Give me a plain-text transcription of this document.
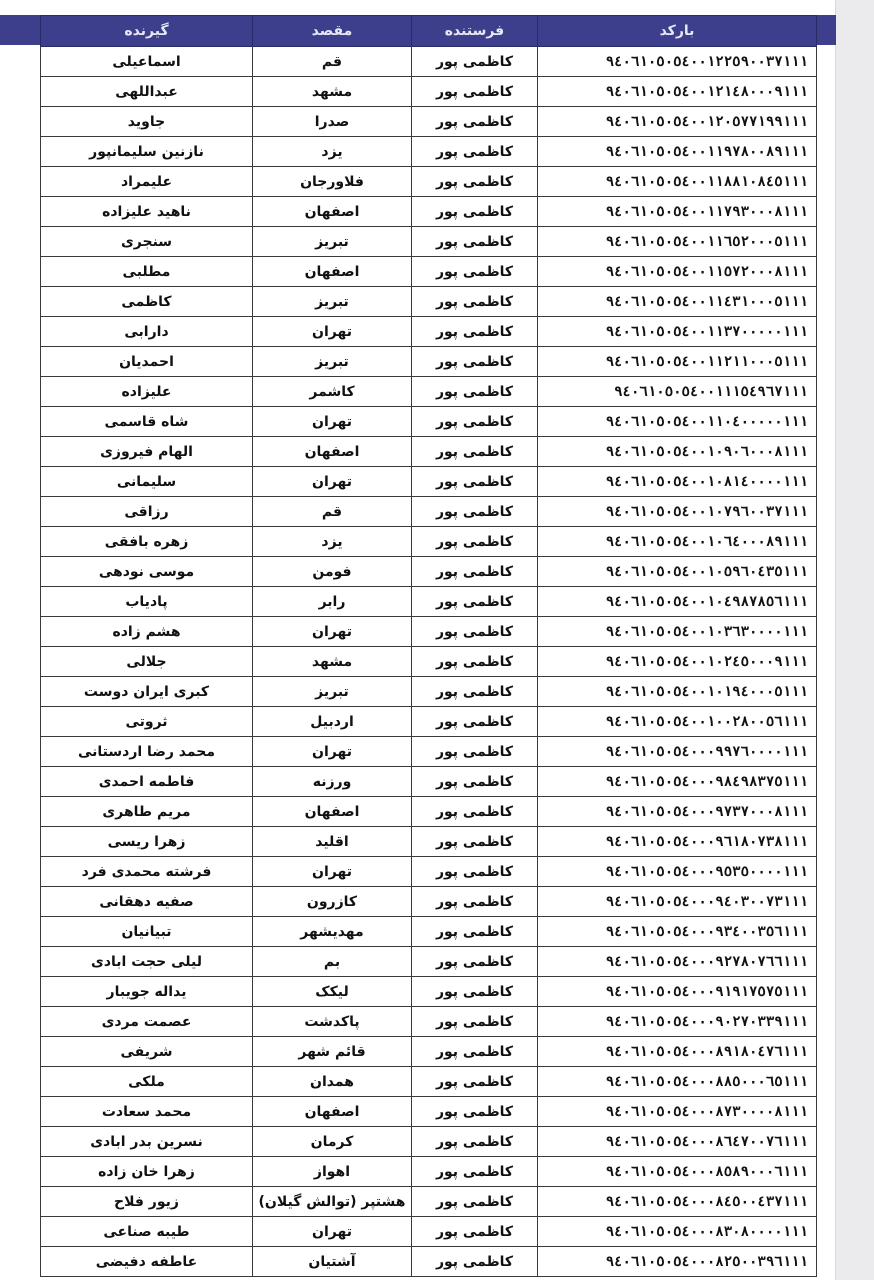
بارکد	فرستنده	مقصد	گیرنده
۹٤٠٦١٠٥٠٥٤٠٠١٢٢٥٩٠٠٣٧١١١	کاظمی پور	قم	اسماعیلی
۹٤٠٦١٠٥٠٥٤٠٠١٢١٤٨٠٠٠٩١١١	کاظمی پور	مشهد	عبداللهی
۹٤٠٦١٠٥٠٥٤٠٠١٢٠٥٧٧١٩٩١١١	کاظمی پور	صدرا	جاوید
۹٤٠٦١٠٥٠٥٤٠٠١١٩٧٨٠٠٨٩١١١	کاظمی پور	یزد	نازنین سلیمانپور
۹٤٠٦١٠٥٠٥٤٠٠١١٨٨١٠٨٤٥١١١	کاظمی پور	فلاورجان	علیمراد
۹٤٠٦١٠٥٠٥٤٠٠١١٧۹٣٠٠٠٨١١١	کاظمی پور	اصفهان	ناهید علیزاده
۹٤٠٦١٠٥٠٥٤٠٠١١٦٥٢٠٠٠٥١١١	کاظمی پور	تبریز	سنجری
۹٤٠٦١٠٥٠٥٤٠٠١١٥٧٢٠٠٠٨١١١	کاظمی پور	اصفهان	مطلبی
۹٤٠٦١٠٥٠٥٤٠٠١١٤٣١٠٠٠٥١١١	کاظمی پور	تبریز	کاظمی
۹٤٠٦١٠٥٠٥٤٠٠١١٣٧٠٠٠٠٠١١١	کاظمی پور	تهران	دارابی
۹٤٠٦١٠٥٠٥٤٠٠١١٢١١٠٠٠٥١١١	کاظمی پور	تبریز	احمدیان
۹٤٠٦١٠٥٠٥٤٠٠١١١٥٤٩٦٧١١١	کاظمی پور	کاشمر	علیزاده
۹٤٠٦١٠٥٠٥٤٠٠١١٠٤٠٠٠٠٠١١١	کاظمی پور	تهران	شاه قاسمی
۹٤٠٦١٠٥٠٥٤٠٠١٠۹٠٦٠٠٠٨١١١	کاظمی پور	اصفهان	الهام فیروزی
۹٤٠٦١٠٥٠٥٤٠٠١٠٨١٤٠٠٠٠١١١	کاظمی پور	تهران	سلیمانی
۹٤٠٦١٠٥٠٥٤٠٠١٠٧۹٦٠٠٣٧١١١	کاظمی پور	قم	رزاقی
۹٤٠٦١٠٥٠٥٤٠٠١٠٦٤٠٠٠٨٩١١١	کاظمی پور	یزد	زهره بافقی
۹٤٠٦١٠٥٠٥٤٠٠١٠٥۹٦٠٤٣٥١١١	کاظمی پور	فومن	موسی نودهی
۹٤٠٦١٠٥٠٥٤٠٠١٠٤۹٨٧٨٥٦١١١	کاظمی پور	رابر	پادیاب
۹٤٠٦١٠٥٠٥٤٠٠١٠٣٦٣٠٠٠٠١١١	کاظمی پور	تهران	هشم زاده
۹٤٠٦١٠٥٠٥٤٠٠١٠٢٤٥٠٠٠٩١١١	کاظمی پور	مشهد	جلالی
۹٤٠٦١٠٥٠٥٤٠٠١٠١۹٤٠٠٠٥١١١	کاظمی پور	تبریز	کبری ایران دوست
۹٤٠٦١٠٥٠٥٤٠٠١٠٠٢٨٠٠٥٦١١١	کاظمی پور	اردبیل	ثروتی
۹٤٠٦١٠٥٠٥٤٠٠٠۹۹٧٦٠٠٠٠١١١	کاظمی پور	تهران	محمد رضا اردستانی
۹٤٠٦١٠٥٠٥٤٠٠٠۹٨٤۹٨٣٧٥١١١	کاظمی پور	ورزنه	فاطمه احمدی
۹٤٠٦١٠٥٠٥٤٠٠٠۹٧٣٧٠٠٠٨١١١	کاظمی پور	اصفهان	مریم طاهری
۹٤٠٦١٠٥٠٥٤٠٠٠۹٦١٨٠٧٣٨١١١	کاظمی پور	اقلید	زهرا ریسی
۹٤٠٦١٠٥٠٥٤٠٠٠۹٥٣٥٠٠٠٠١١١	کاظمی پور	تهران	فرشته محمدی فرد
۹٤٠٦١٠٥٠٥٤٠٠٠۹٤٠٣٠٠٧٣١١١	کاظمی پور	کازرون	صفیه دهقانی
۹٤٠٦١٠٥٠٥٤٠٠٠۹٣٤٠٠٣٥٦١١١	کاظمی پور	مهدیشهر	تبیانیان
۹٤٠٦١٠٥٠٥٤٠٠٠۹٢٧٨٠٧٦٦١١١	کاظمی پور	بم	لیلی حجت ابادی
۹٤٠٦١٠٥٠٥٤٠٠٠۹١۹١٧٥٧٥١١١	کاظمی پور	لیکک	یداله جویبار
۹٤٠٦١٠٥٠٥٤٠٠٠۹٠٢٧٠٣٣۹١١١	کاظمی پور	پاکدشت	عصمت مردی
۹٤٠٦١٠٥٠٥٤٠٠٠٨۹١٨٠٤٧٦١١١	کاظمی پور	قائم شهر	شریفی
۹٤٠٦١٠٥٠٥٤٠٠٠٨٨٥٠٠٠٦٥١١١	کاظمی پور	همدان	ملکی
۹٤٠٦١٠٥٠٥٤٠٠٠٨٧٣٠٠٠٠٨١١١	کاظمی پور	اصفهان	محمد سعادت
۹٤٠٦١٠٥٠٥٤٠٠٠٨٦٤٧٠٠٧٦١١١	کاظمی پور	کرمان	نسرین بدر ابادی
۹٤٠٦١٠٥٠٥٤٠٠٠٨٥٨۹٠٠٠٦١١١	کاظمی پور	اهواز	زهرا خان زاده
۹٤٠٦١٠٥٠٥٤٠٠٠٨٤٥٠٠٤٣٧١١١	کاظمی پور	هشتپر (توالش گیلان)	زیور فلاح
۹٤٠٦١٠٥٠٥٤٠٠٠٨٣٠٨٠٠٠٠١١١	کاظمی پور	تهران	طیبه صناعی
۹٤٠٦١٠٥٠٥٤٠٠٠٨٢٥٠٠٣۹٦١١١	کاظمی پور	آشتیان	عاطفه دفیضی
